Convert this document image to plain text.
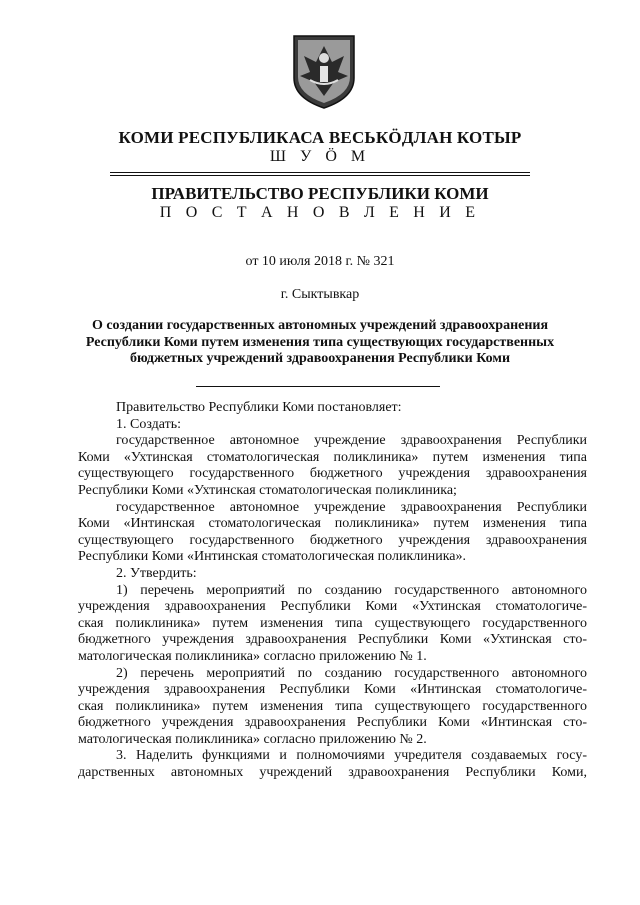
КОМИ РЕСПУБЛИКАСА ВЕСЬКӦДЛАН КОТЫР
Ш У Ӧ М
ПРАВИТЕЛЬСТВО РЕСПУБЛИКИ КОМИ
П О С Т А Н О В Л Е Н И Е
от 10 июля 2018 г. № 321
г. Сыктывкар
О создании государственных автономных учреждений здравоохранения
Республики Коми путем изменения типа существующих государственных
бюджетных учреждений здравоохранения Республики Коми
Правительство Республики Коми постановляет:
1. Создать:
государственное автономное учреждение здравоохранения Республики
Коми «Ухтинская стоматологическая поликлиника» путем изменения типа
существующего государственного бюджетного учреждения здравоохранения
Республики Коми «Ухтинская стоматологическая поликлиника;
государственное автономное учреждение здравоохранения Республики
Коми «Интинская стоматологическая поликлиника» путем изменения типа
существующего государственного бюджетного учреждения здравоохранения
Республики Коми «Интинская стоматологическая поликлиника».
2. Утвердить:
1) перечень мероприятий по созданию государственного автономного
учреждения здравоохранения Республики Коми «Ухтинская стоматологиче-
ская поликлиника» путем изменения типа существующего государственного
бюджетного учреждения здравоохранения Республики Коми «Ухтинская сто-
матологическая поликлиника» согласно приложению № 1.
2) перечень мероприятий по созданию государственного автономного
учреждения здравоохранения Республики Коми «Интинская стоматологиче-
ская поликлиника» путем изменения типа существующего государственного
бюджетного учреждения здравоохранения Республики Коми «Интинская сто-
матологическая поликлиника» согласно приложению № 2.
3. Наделить функциями и полномочиями учредителя создаваемых госу-
дарственных автономных учреждений здравоохранения Республики Коми,
